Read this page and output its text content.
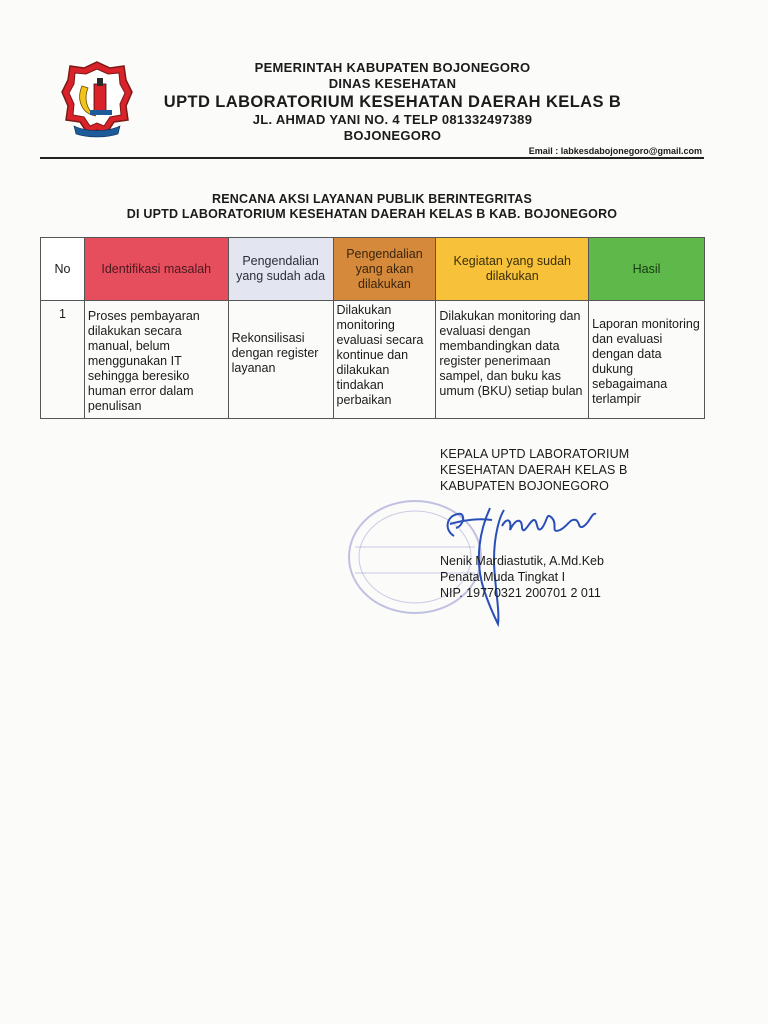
PEMERINTAH KABUPATEN BOJONEGORO
DINAS KESEHATAN
UPTD LABORATORIUM KESEHATAN DAERAH KELAS B
JL. AHMAD YANI NO. 4 TELP 081332497389
BOJONEGORO
Email : labkesdabojonegoro@gmail.com
RENCANA AKSI LAYANAN PUBLIK BERINTEGRITAS
DI UPTD LABORATORIUM KESEHATAN DAERAH KELAS B KAB. BOJONEGORO
No	Identifikasi masalah	Pengendalian yang sudah ada	Pengendalian yang akan dilakukan	Kegiatan yang sudah dilakukan	Hasil
1	Proses pembayaran dilakukan secara manual, belum menggunakan IT sehingga beresiko human error dalam penulisan	Rekonsilisasi dengan register layanan	Dilakukan monitoring evaluasi secara kontinue dan dilakukan tindakan perbaikan	Dilakukan monitoring dan evaluasi dengan membandingkan data register penerimaan sampel, dan buku kas umum (BKU) setiap bulan	Laporan monitoring dan evaluasi dengan data dukung sebagaimana terlampir
KEPALA UPTD LABORATORIUM
KESEHATAN DAERAH KELAS B
KABUPATEN BOJONEGORO
Nenik Mardiastutik, A.Md.Keb
Penata Muda Tingkat I
NIP. 19770321 200701 2 011
